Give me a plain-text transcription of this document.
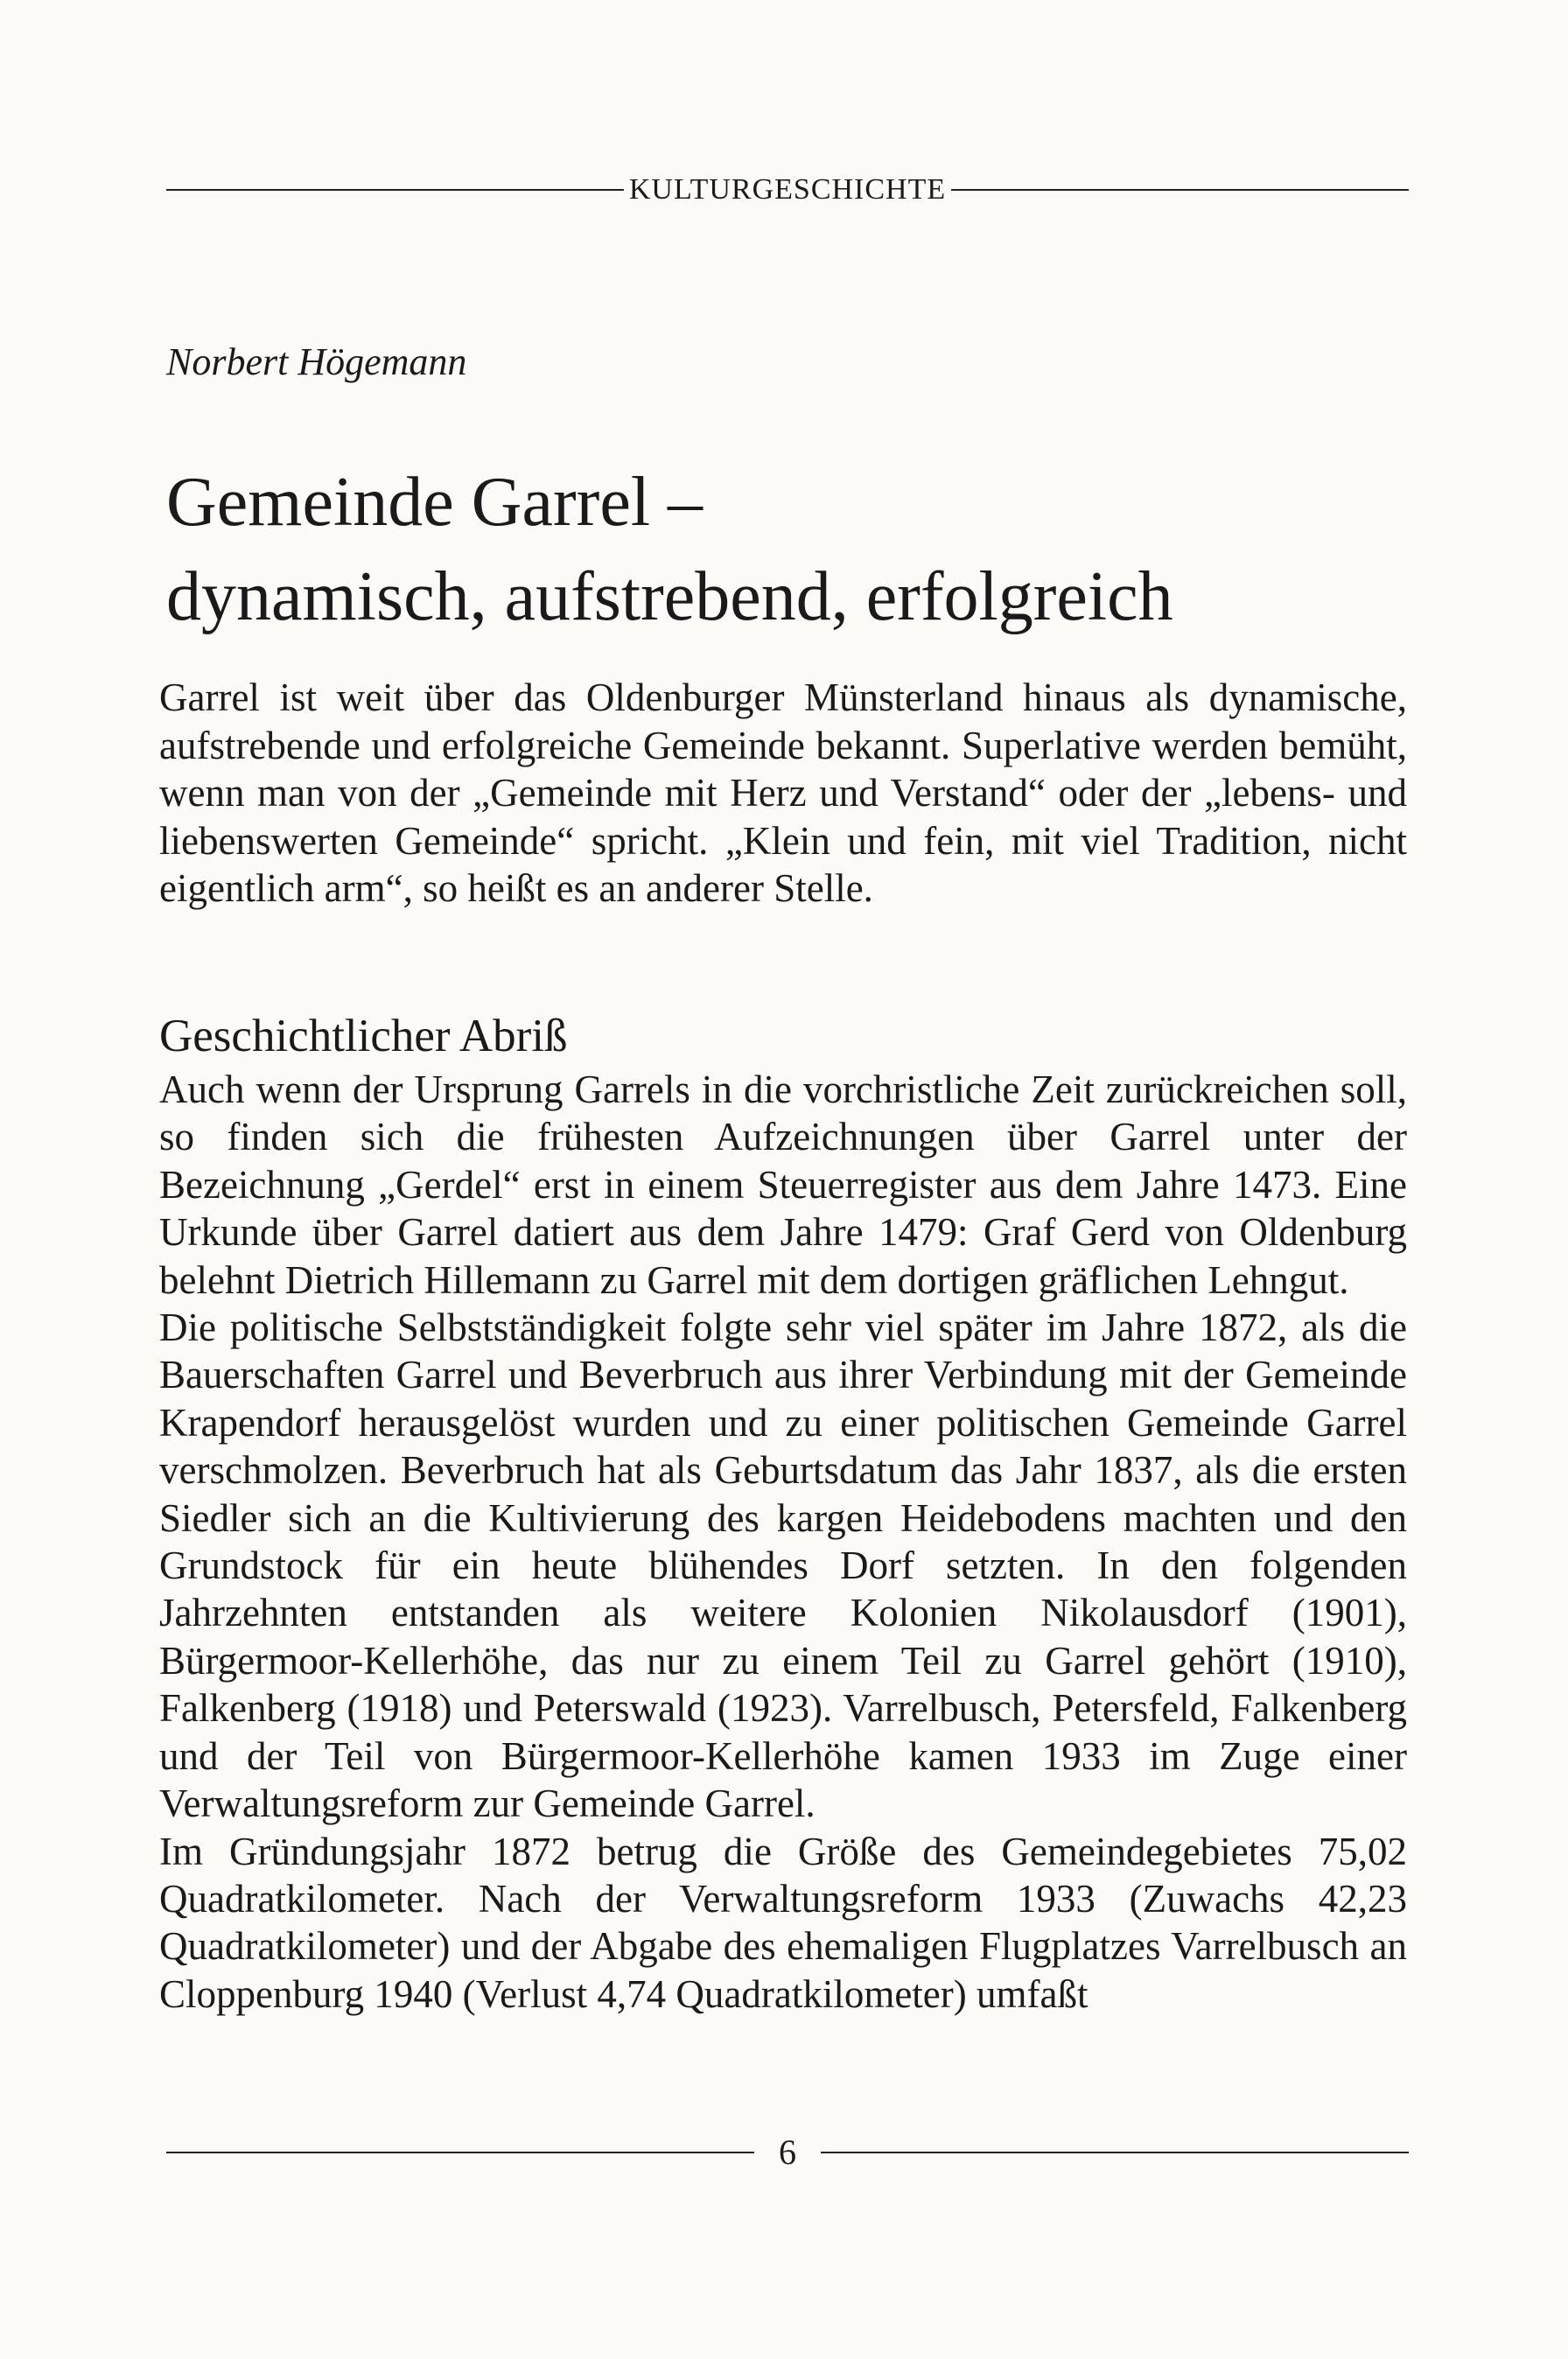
KULTURGESCHICHTE
Norbert Högemann
Gemeinde Garrel –
dynamisch, aufstrebend, erfolgreich

Garrel ist weit über das Oldenburger Münsterland hinaus als dynamische, aufstrebende und erfolgreiche Gemeinde bekannt. Superlative werden bemüht, wenn man von der „Gemeinde mit Herz und Verstand“ oder der „lebens- und liebenswerten Gemeinde“ spricht. „Klein und fein, mit viel Tradition, nicht eigentlich arm“, so heißt es an anderer Stelle.

Geschichtlicher Abriß

Auch wenn der Ursprung Garrels in die vorchristliche Zeit zurückreichen soll, so finden sich die frühesten Aufzeichnungen über Garrel unter der Bezeichnung „Gerdel“ erst in einem Steuerregister aus dem Jahre 1473. Eine Urkunde über Garrel datiert aus dem Jahre 1479: Graf Gerd von Oldenburg belehnt Dietrich Hillemann zu Garrel mit dem dortigen gräflichen Lehngut.

Die politische Selbstständigkeit folgte sehr viel später im Jahre 1872, als die Bauerschaften Garrel und Beverbruch aus ihrer Verbindung mit der Gemeinde Krapendorf herausgelöst wurden und zu einer politischen Gemeinde Garrel verschmolzen. Beverbruch hat als Geburtsdatum das Jahr 1837, als die ersten Siedler sich an die Kultivierung des kargen Heidebodens machten und den Grundstock für ein heute blühendes Dorf setzten. In den folgenden Jahrzehnten entstanden als weitere Kolonien Nikolausdorf (1901), Bürgermoor-Kellerhöhe, das nur zu einem Teil zu Garrel gehört (1910), Falkenberg (1918) und Peterswald (1923). Varrelbusch, Petersfeld, Falkenberg und der Teil von Bürgermoor-Kellerhöhe kamen 1933 im Zuge einer Verwaltungsreform zur Gemeinde Garrel.

Im Gründungsjahr 1872 betrug die Größe des Gemeindegebietes 75,02 Quadratkilometer. Nach der Verwaltungsreform 1933 (Zuwachs 42,23 Quadratkilometer) und der Abgabe des ehemaligen Flugplatzes Varrelbusch an Cloppenburg 1940 (Verlust 4,74 Quadratkilometer) umfaßt

6
